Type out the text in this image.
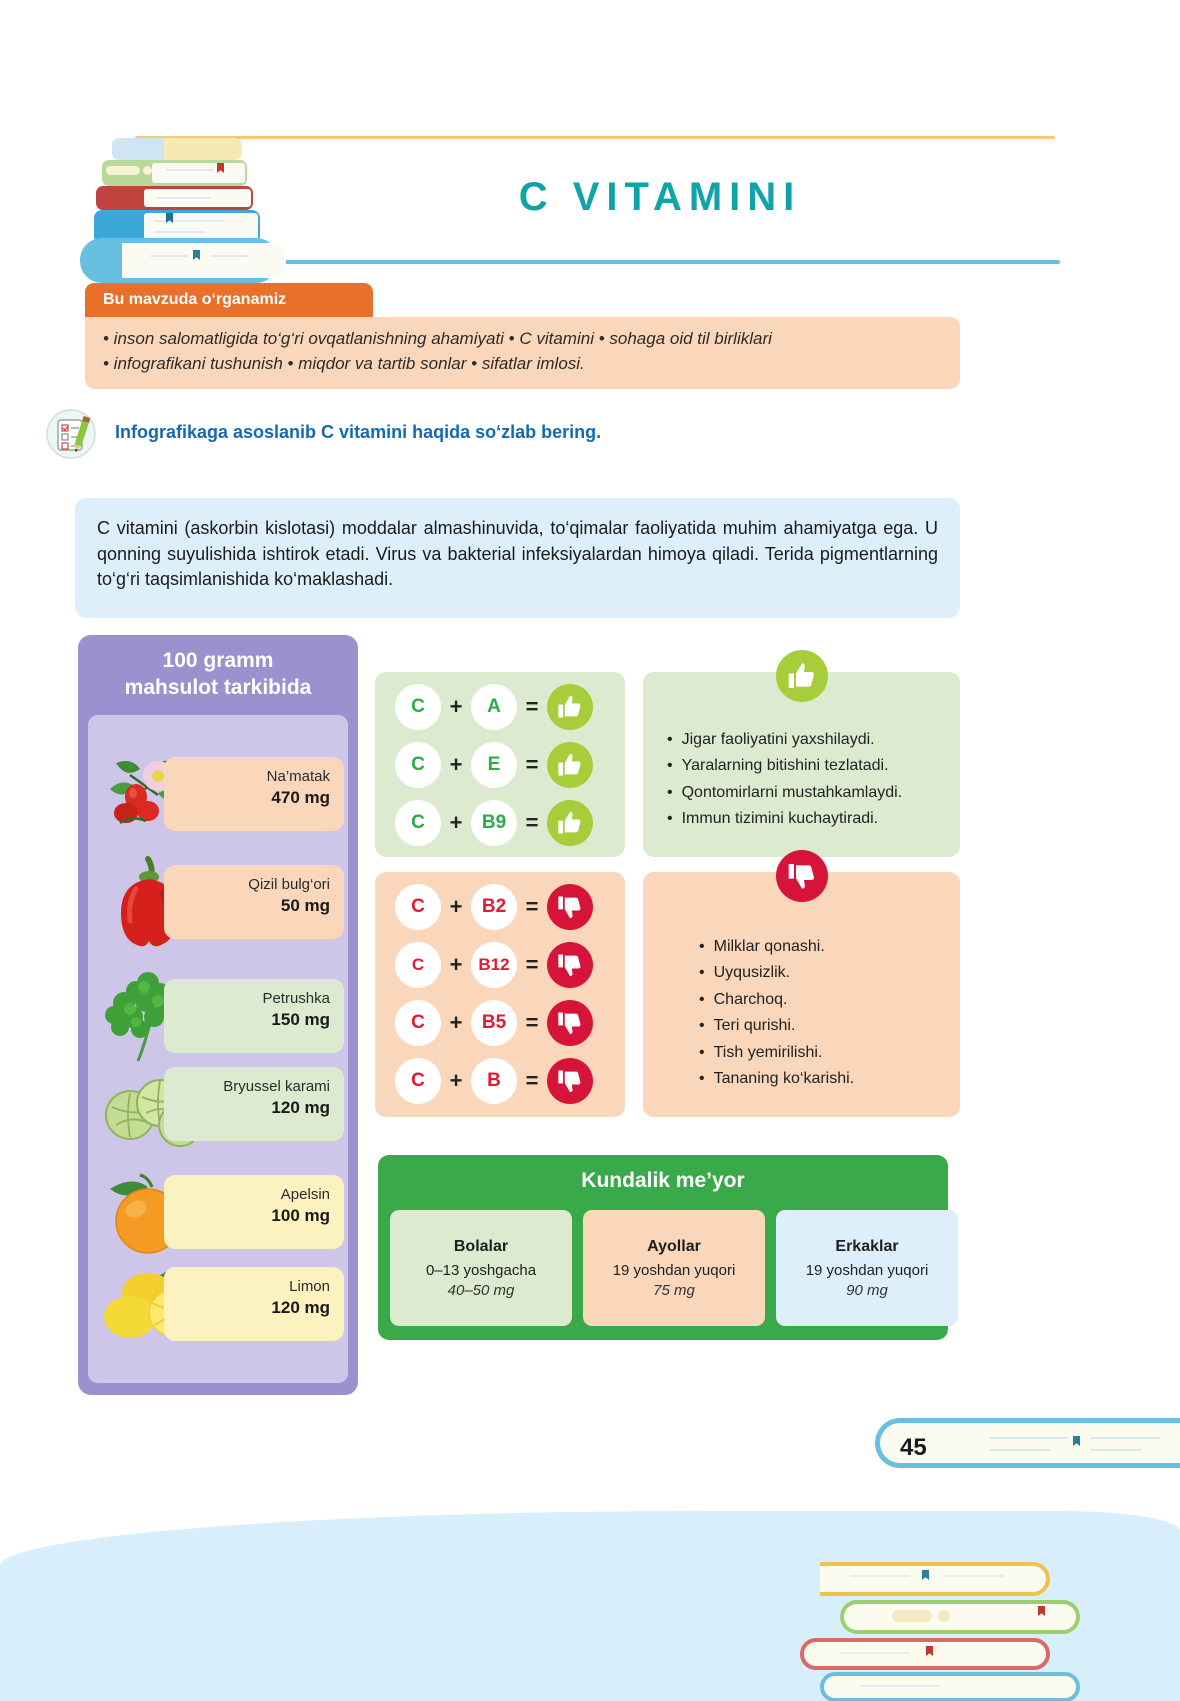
C VITAMINI
Bu mavzuda o‘rganamiz
• inson salomatligida to‘g‘ri ovqatlanishning ahamiyati • C vitamini • sohaga oid til birliklari
• infografikani tushunish • miqdor va tartib sonlar • sifatlar imlosi.
Infografikaga asoslanib C vitamini haqida so‘zlab bering.
C vitamini (askorbin kislotasi) moddalar almashinuvida, to‘qimalar faoliyatida muhim ahamiyatga ega. U qonning suyulishida ishtirok etadi. Virus va bakterial infeksiyalardan himoya qiladi. Terida pigmentlarning to‘g‘ri taqsimlanishida ko‘maklashadi.
100 gramm
mahsulot tarkibida
Na’matak
470 mg
Qizil bulg‘ori
50 mg
Petrushka
150 mg
Bryussel karami
120 mg
Apelsin
100 mg
Limon
120 mg
C	+	A	=
C	+	E	=
C	+	B9 =
C	+	B2 =
C	+ B12 =
C	+	B5 =
C	+	B	=
• Jigar faoliyatini yaxshilaydi.
• Yaralarning bitishini tezlatadi.
• Qontomirlarni mustahkamlaydi.
• Immun tizimini kuchaytiradi.
• Milklar qonashi.
• Uyqusizlik.
• Charchoq.
• Teri qurishi.
• Tish yemirilishi.
• Tananing ko‘karishi.
Kundalik me’yor
Bolalar
0–13 yoshgacha
40–50 mg
Ayollar
19 yoshdan yuqori
75 mg
Erkaklar
19 yoshdan yuqori
90 mg
45
